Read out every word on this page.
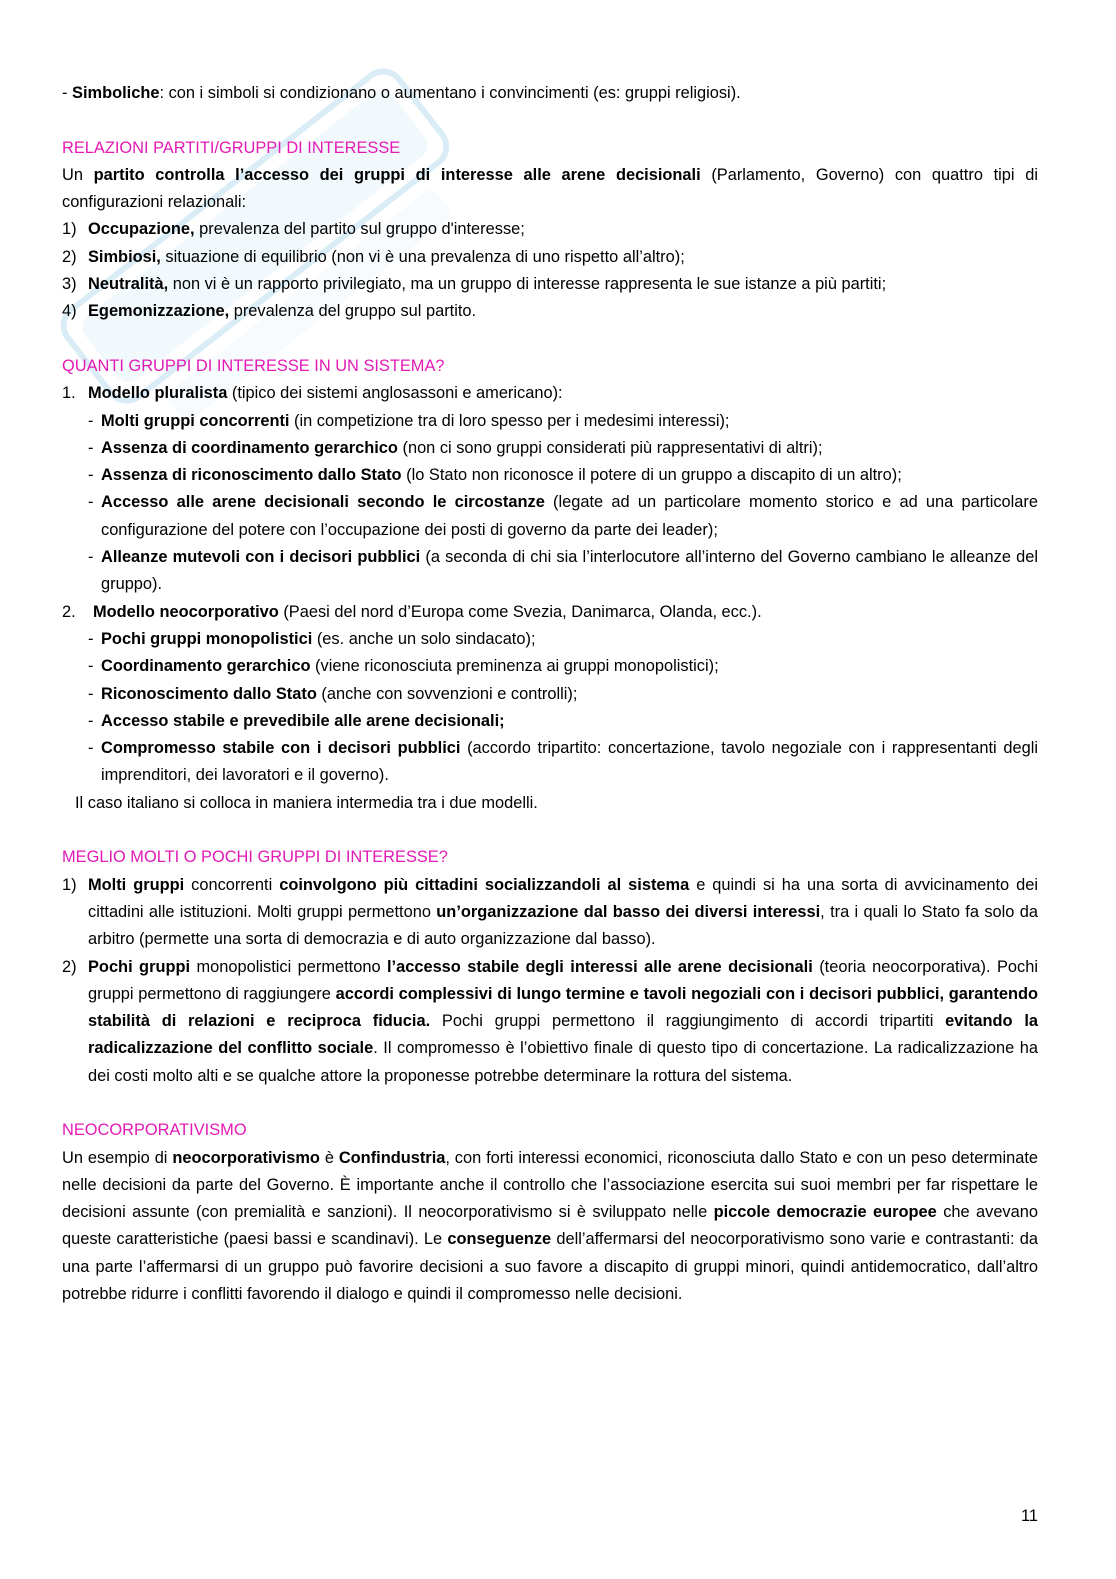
- Simboliche: con i simboli si condizionano o aumentano i convincimenti (es: gruppi religiosi).

RELAZIONI PARTITI/GRUPPI DI INTERESSE

Un partito controlla l’accesso dei gruppi di interesse alle arene decisionali (Parlamento, Governo) con quattro tipi di configurazioni relazionali:

1) Occupazione, prevalenza del partito sul gruppo d'interesse;
2) Simbiosi, situazione di equilibrio (non vi è una prevalenza di uno rispetto all’altro);
3) Neutralità, non vi è un rapporto privilegiato, ma un gruppo di interesse rappresenta le sue istanze a più partiti;
4) Egemonizzazione, prevalenza del gruppo sul partito.
QUANTI GRUPPI DI INTERESSE IN UN SISTEMA?
1. Modello pluralista (tipico dei sistemi anglosassoni e americano):
- Molti gruppi concorrenti (in competizione tra di loro spesso per i medesimi interessi);
- Assenza di coordinamento gerarchico (non ci sono gruppi considerati più rappresentativi di altri);
- Assenza di riconoscimento dallo Stato (lo Stato non riconosce il potere di un gruppo a discapito di un altro);
- Accesso alle arene decisionali secondo le circostanze (legate ad un particolare momento storico e ad una particolare configurazione del potere con l’occupazione dei posti di governo da parte dei leader);
- Alleanze mutevoli con i decisori pubblici (a seconda di chi sia l’interlocutore all’interno del Governo cambiano le alleanze del gruppo).
2.	Modello neocorporativo (Paesi del nord d’Europa come Svezia, Danimarca, Olanda, ecc.).
- Pochi gruppi monopolistici (es. anche un solo sindacato);
- Coordinamento gerarchico (viene riconosciuta preminenza ai gruppi monopolistici);
- Riconoscimento dallo Stato (anche con sovvenzioni e controlli);
- Accesso stabile e prevedibile alle arene decisionali;
- Compromesso stabile con i decisori pubblici (accordo tripartito: concertazione, tavolo negoziale con i rappresentanti degli imprenditori, dei lavoratori e il governo).

Il caso italiano si colloca in maniera intermedia tra i due modelli.

MEGLIO MOLTI O POCHI GRUPPI DI INTERESSE?
1) Molti gruppi concorrenti coinvolgono più cittadini socializzandoli al sistema e quindi si ha una sorta di avvicinamento dei cittadini alle istituzioni. Molti gruppi permettono un’organizzazione dal basso dei diversi interessi, tra i quali lo Stato fa solo da arbitro (permette una sorta di democrazia e di auto organizzazione dal basso).
2) Pochi gruppi monopolistici permettono l’accesso stabile degli interessi alle arene decisionali (teoria neocorporativa). Pochi gruppi permettono di raggiungere accordi complessivi di lungo termine e tavoli negoziali con i decisori pubblici, garantendo stabilità di relazioni e reciproca fiducia. Pochi gruppi permettono il raggiungimento di accordi tripartiti evitando la radicalizzazione del conflitto sociale. Il compromesso è l’obiettivo finale di questo tipo di concertazione. La radicalizzazione ha dei costi molto alti e se qualche attore la proponesse potrebbe determinare la rottura del sistema.
NEOCORPORATIVISMO

Un esempio di neocorporativismo è Confindustria, con forti interessi economici, riconosciuta dallo Stato e con un peso determinate nelle decisioni da parte del Governo. È importante anche il controllo che l’associazione esercita sui suoi membri per far rispettare le decisioni assunte (con premialità e sanzioni). Il neocorporativismo si è sviluppato nelle piccole democrazie europee che avevano queste caratteristiche (paesi bassi e scandinavi). Le conseguenze dell’affermarsi del neocorporativismo sono varie e contrastanti: da una parte l’affermarsi di un gruppo può favorire decisioni a suo favore a discapito di gruppi minori, quindi antidemocratico, dall’altro potrebbe ridurre i conflitti favorendo il dialogo e quindi il compromesso nelle decisioni.

11
